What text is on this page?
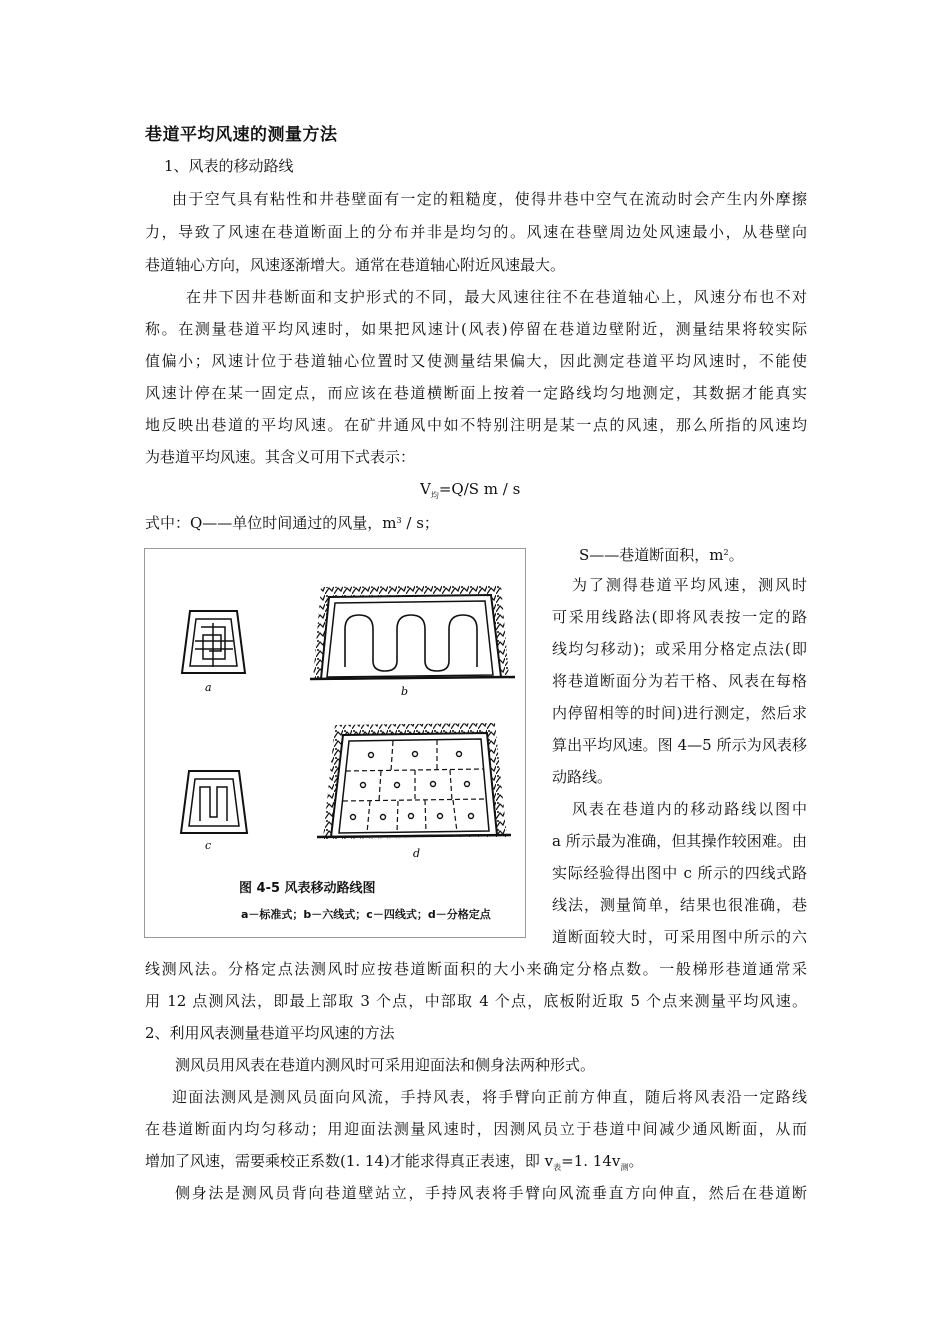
巷道平均风速的测量方法
1、风表的移动路线
由于空气具有粘性和井巷壁面有一定的粗糙度，使得井巷中空气在流动时会产生内外摩擦
力，导致了风速在巷道断面上的分布并非是均匀的。风速在巷壁周边处风速最小，从巷壁向
巷道轴心方向，风速逐渐增大。通常在巷道轴心附近风速最大。
在井下因井巷断面和支护形式的不同，最大风速往往不在巷道轴心上，风速分布也不对
称。在测量巷道平均风速时，如果把风速计(风表)停留在巷道边壁附近，测量结果将较实际
值偏小；风速计位于巷道轴心位置时又使测量结果偏大，因此测定巷道平均风速时，不能使
风速计停在某一固定点，而应该在巷道横断面上按着一定路线均匀地测定，其数据才能真实
地反映出巷道的平均风速。在矿井通风中如不特别注明是某一点的风速，那么所指的风速均
为巷道平均风速。其含义可用下式表示：
$V_均=Q/S$ m / s
式中：Q——单位时间通过的风量，$m^3$ / s；
S——巷道断面积，$m^2$。
为了测得巷道平均风速，测风时
可采用线路法(即将风表按一定的路
线均匀移动)；或采用分格定点法(即
将巷道断面分为若干格、风表在每格
内停留相等的时间)进行测定，然后求
算出平均风速。图 4—5 所示为风表移
动路线。
风表在巷道内的移动路线以图中
a 所示最为准确，但其操作较困难。由
实际经验得出图中 c 所示的四线式路
线法，测量简单，结果也很准确，巷
道断面较大时，可采用图中所示的六
线测风法。分格定点法测风时应按巷道断面积的大小来确定分格点数。一般梯形巷道通常采
用 12 点测风法，即最上部取 3 个点，中部取 4 个点，底板附近取 5 个点来测量平均风速。
2、利用风表测量巷道平均风速的方法
测风员用风表在巷道内测风时可采用迎面法和侧身法两种形式。
迎面法测风是测风员面向风流，手持风表，将手臂向正前方伸直，随后将风表沿一定路线
在巷道断面内均匀移动；用迎面法测量风速时，因测风员立于巷道中间减少通风断面，从而
增加了风速，需要乘校正系数(1. 14)才能求得真正表速，即 $v_表=1$. $14v_测$。
侧身法是测风员背向巷道壁站立，手持风表将手臂向风流垂直方向伸直，然后在巷道断
a	b
c
d
图 4-5 风表移动路线图
a－标准式；b－六线式；c－四线式；d－分格定点
